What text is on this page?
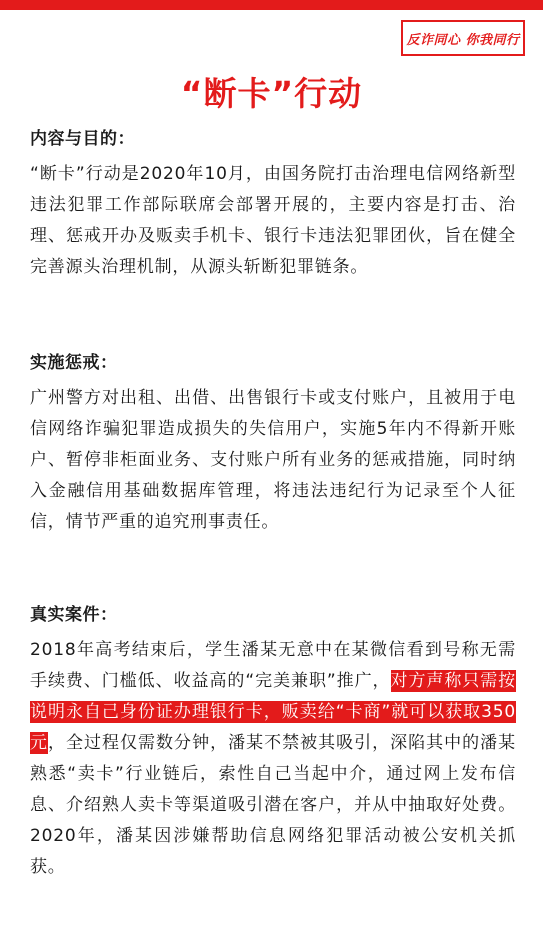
反诈同心 你我同行
“断卡”行动
内容与目的：

“断卡”行动是2020年10月，由国务院打击治理电信网络新型违法犯罪工作部际联席会部署开展的，主要内容是打击、治理、惩戒开办及贩卖手机卡、银行卡违法犯罪团伙，旨在健全完善源头治理机制，从源头斩断犯罪链条。

实施惩戒：

广州警方对出租、出借、出售银行卡或支付账户，且被用于电信网络诈骗犯罪造成损失的失信用户，实施5年内不得新开账户、暂停非柜面业务、支付账户所有业务的惩戒措施，同时纳入金融信用基础数据库管理，将违法违纪行为记录至个人征信，情节严重的追究刑事责任。

真实案件：

2018年高考结束后，学生潘某无意中在某微信看到号称无需手续费、门槛低、收益高的“完美兼职”推广，对方声称只需按说明永自己身份证办理银行卡，贩卖给“卡商”就可以获取350元，全过程仅需数分钟，潘某不禁被其吸引，深陷其中的潘某熟悉“卖卡”行业链后，索性自己当起中介，通过网上发布信息、介绍熟人卖卡等渠道吸引潜在客户，并从中抽取好处费。2020年，潘某因涉嫌帮助信息网络犯罪活动被公安机关抓获。
